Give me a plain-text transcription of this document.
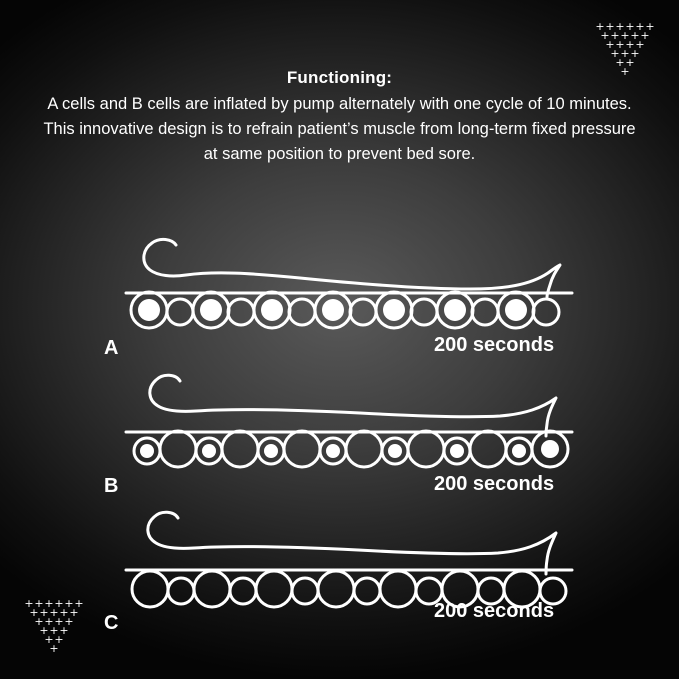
++++++
+++++
++++
+++
++
+
++++++
+++++
++++
+++
++
+
Functioning:
A cells and B cells are inflated by pump alternately with one cycle of 10 minutes.
This innovative design is to refrain patient’s muscle from long-term fixed pressure
at same position to prevent bed sore.
A	200 seconds
B	200 seconds
C
200 seconds
